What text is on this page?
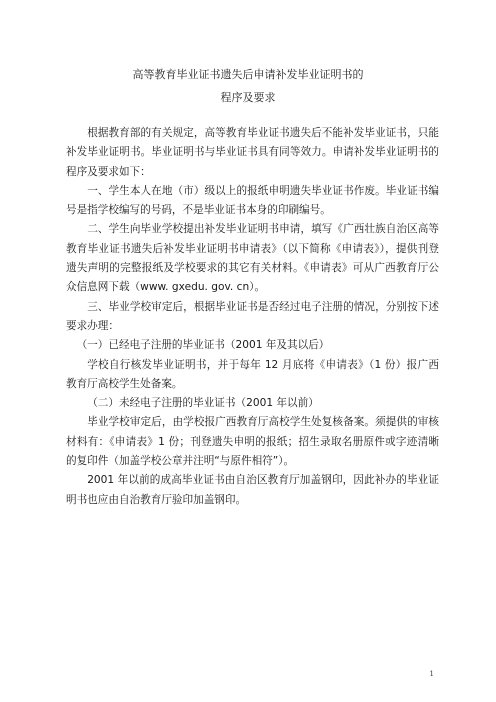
高等教育毕业证书遗失后申请补发毕业证明书的
程序及要求

根据教育部的有关规定，高等教育毕业证书遗失后不能补发毕业证书，只能补发毕业证明书。毕业证明书与毕业证书具有同等效力。申请补发毕业证明书的程序及要求如下：

一、学生本人在地（市）级以上的报纸申明遗失毕业证书作废。毕业证书编号是指学校编写的号码，不是毕业证书本身的印刷编号。

二、学生向毕业学校提出补发毕业证明书申请，填写《广西壮族自治区高等教育毕业证书遗失后补发毕业证明书申请表》（以下简称《申请表》），提供刊登遗失声明的完整报纸及学校要求的其它有关材料。《申请表》可从广西教育厅公众信息网下载（www. gxedu. gov. cn）。

三、毕业学校审定后，根据毕业证书是否经过电子注册的情况，分别按下述要求办理：

（一）已经电子注册的毕业证书（2001 年及其以后）

学校自行核发毕业证明书，并于每年 12 月底将《申请表》（1 份）报广西教育厅高校学生处备案。

（二）未经电子注册的毕业证书（2001 年以前）

毕业学校审定后，由学校报广西教育厅高校学生处复核备案。须提供的审核材料有：《申请表》1 份；刊登遗失申明的报纸；招生录取名册原件或字迹清晰的复印件（加盖学校公章并注明“与原件相符”）。

2001 年以前的成高毕业证书由自治区教育厅加盖钢印，因此补办的毕业证明书也应由自治教育厅验印加盖钢印。

1
